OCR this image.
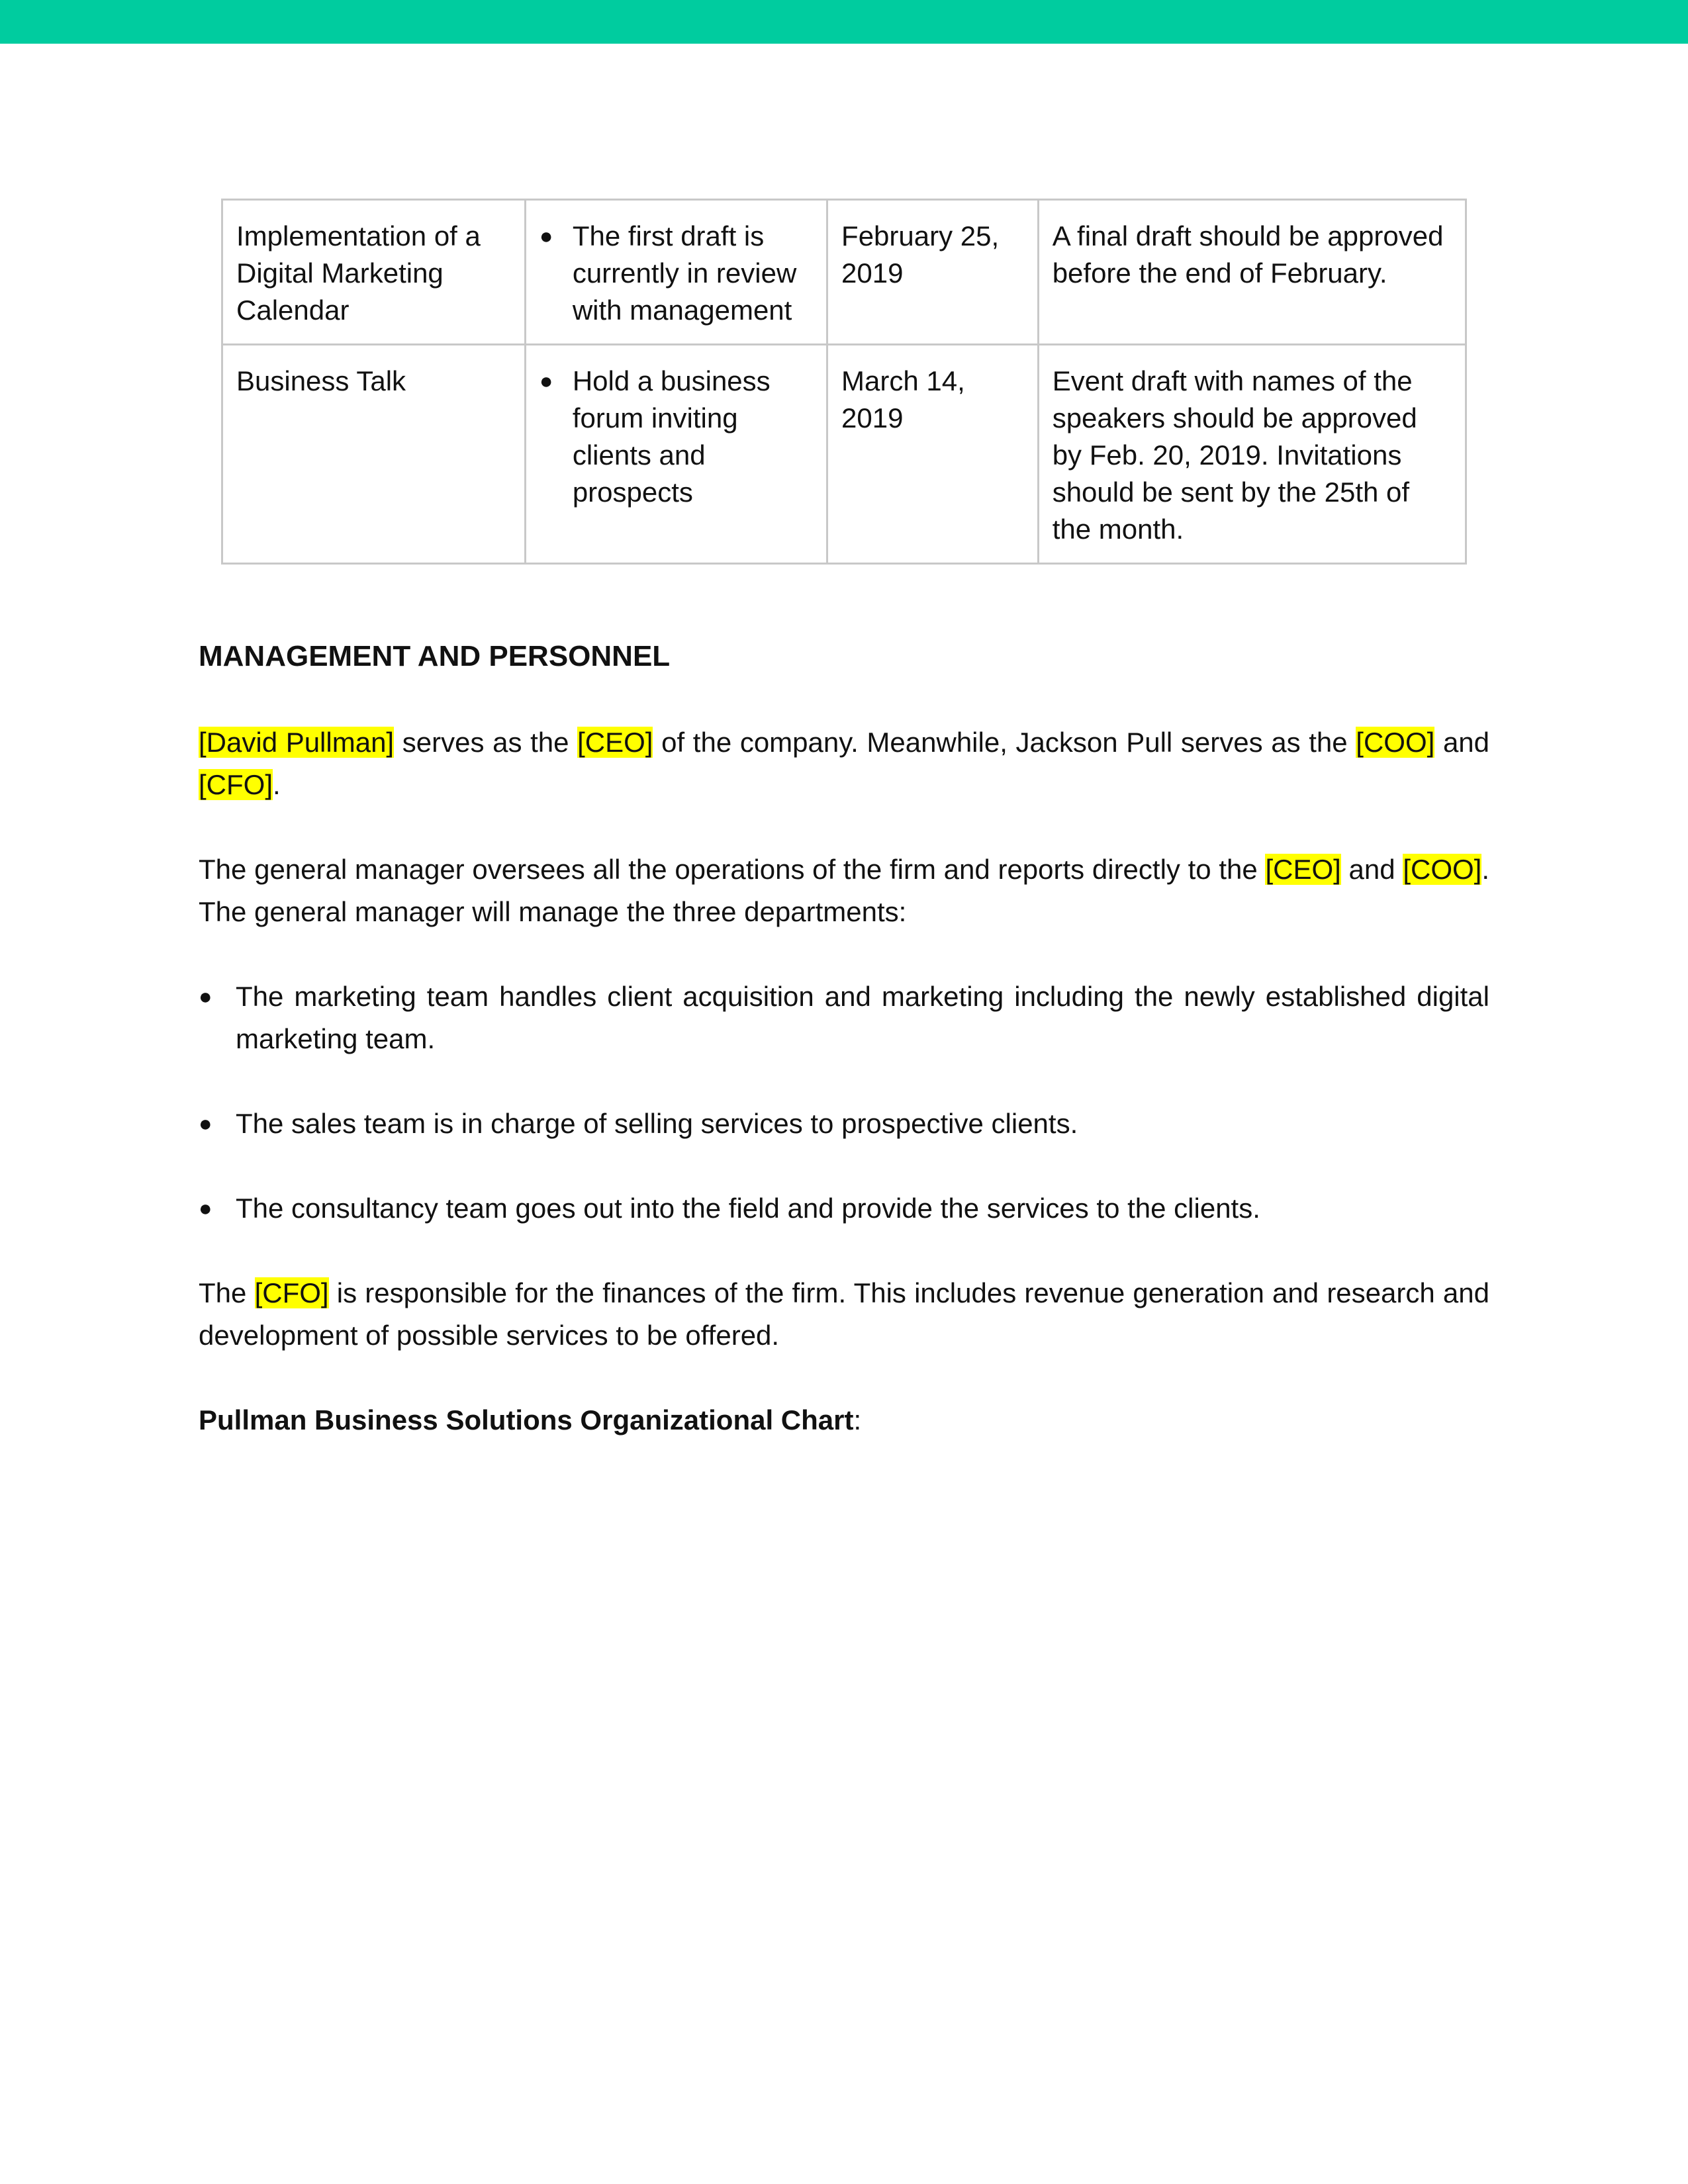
Implementation of a Digital Marketing Calendar	● The first draft is currently in review with management	February 25, 2019	A final draft should be approved before the end of February.
Business Talk	● Hold a business forum inviting clients and prospects	March 14, 2019	Event draft with names of the speakers should be approved by Feb. 20, 2019. Invitations should be sent by the 25th of the month.
MANAGEMENT AND PERSONNEL

[David Pullman] serves as the [CEO] of the company. Meanwhile, Jackson Pull serves as the [COO] and [CFO].

The general manager oversees all the operations of the firm and reports directly to the [CEO] and [COO]. The general manager will manage the three departments:

● The marketing team handles client acquisition and marketing including the newly established digital marketing team.
● The sales team is in charge of selling services to prospective clients.
● The consultancy team goes out into the field and provide the services to the clients.

The [CFO] is responsible for the finances of the firm. This includes revenue generation and research and development of possible services to be offered.

Pullman Business Solutions Organizational Chart:
